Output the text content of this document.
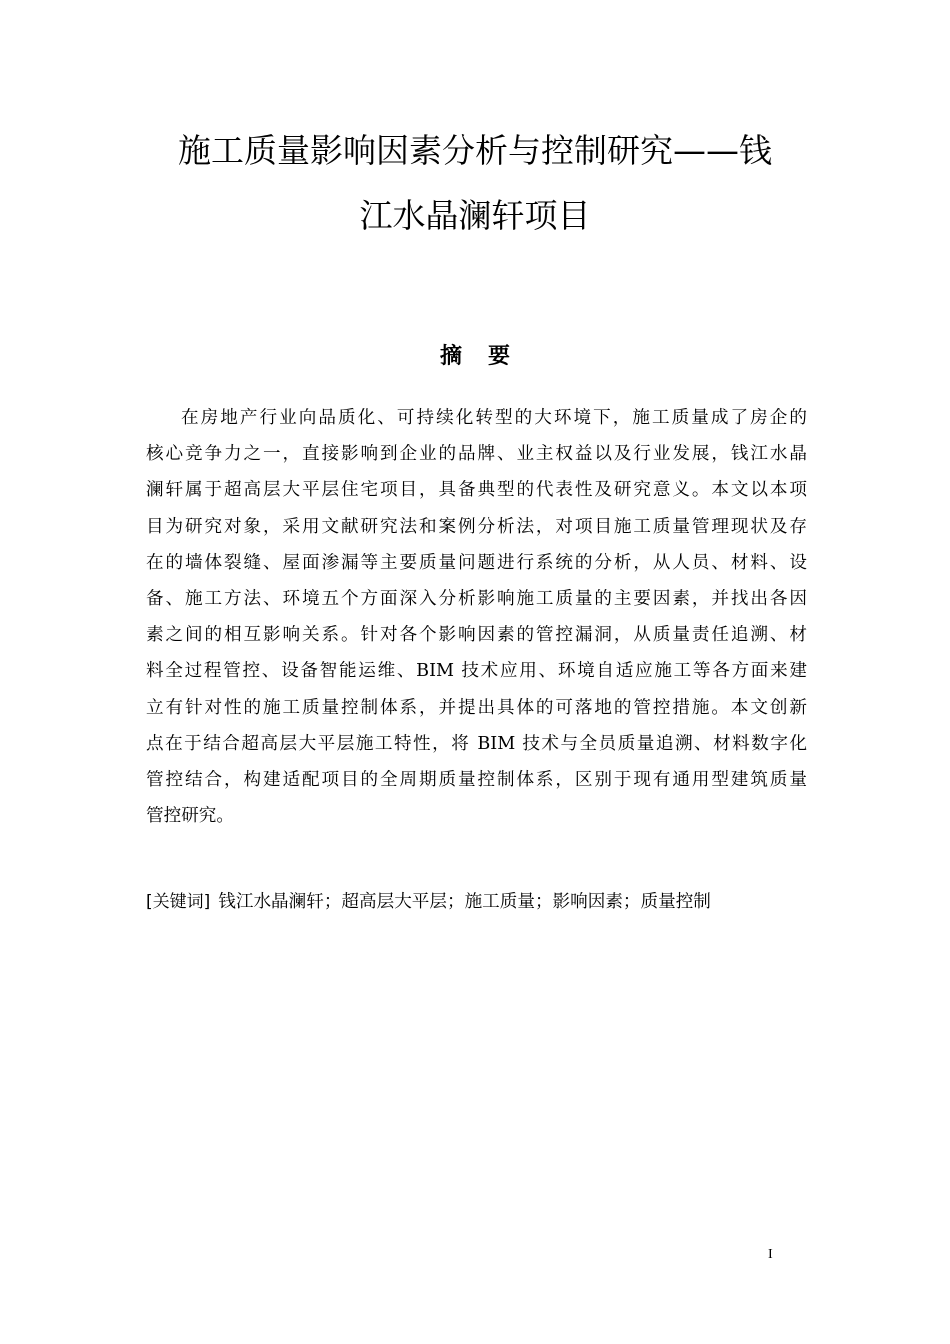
施工质量影响因素分析与控制研究——钱
江水晶澜轩项目
摘要
在房地产行业向品质化、可持续化转型的大环境下，施工质量成了房企的
核心竞争力之一，直接影响到企业的品牌、业主权益以及行业发展，钱江水晶
澜轩属于超高层大平层住宅项目，具备典型的代表性及研究意义。本文以本项
目为研究对象，采用文献研究法和案例分析法，对项目施工质量管理现状及存
在的墙体裂缝、屋面渗漏等主要质量问题进行系统的分析，从人员、材料、设
备、施工方法、环境五个方面深入分析影响施工质量的主要因素，并找出各因
素之间的相互影响关系。针对各个影响因素的管控漏洞，从质量责任追溯、材
料全过程管控、设备智能运维、BIM 技术应用、环境自适应施工等各方面来建
立有针对性的施工质量控制体系，并提出具体的可落地的管控措施。本文创新
点在于结合超高层大平层施工特性，将 BIM 技术与全员质量追溯、材料数字化
管控结合，构建适配项目的全周期质量控制体系，区别于现有通用型建筑质量
管控研究。
[关键词] 钱江水晶澜轩；超高层大平层；施工质量；影响因素；质量控制
I
